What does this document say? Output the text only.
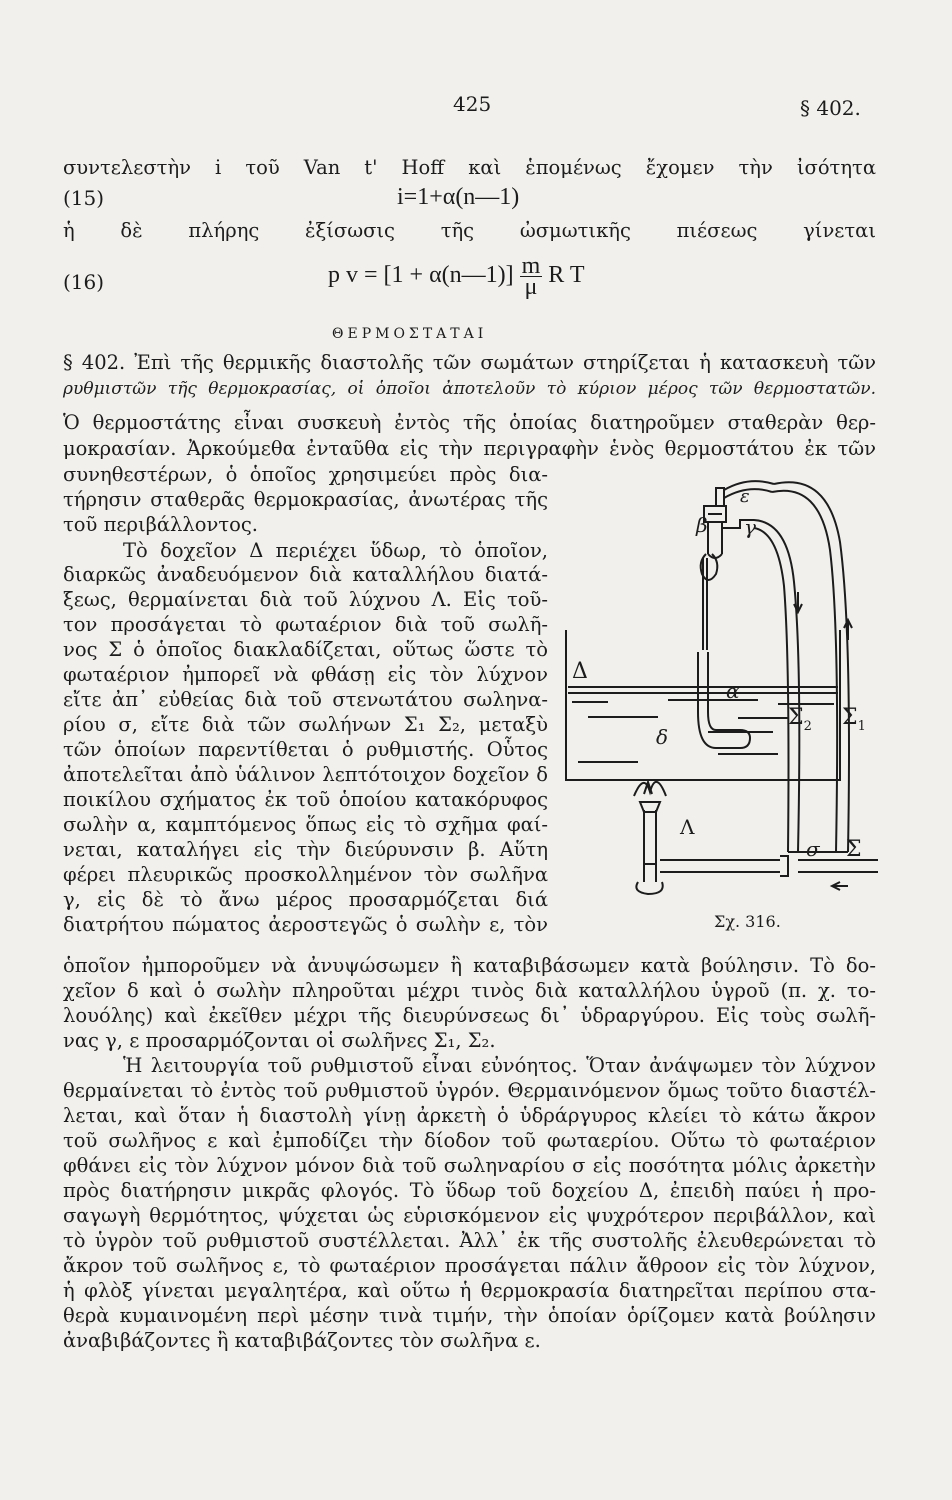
425	§ 402.
συντελεστὴν i τοῦ Van t' Hoff καὶ ἑπομένως ἔχομεν τὴν ἰσότητα
(15)	i=1+α(n—1)
ἡ δὲ πλήρης ἐξίσωσις τῆς ὠσμωτικῆς πιέσεως γίνεται
(16)	p v = [1 + α(n—1)] $\frac{m}{\mu}$ R T
ΘΕΡΜΟΣΤΑΤΑΙ
§ 402. Ἐπὶ τῆς θερμικῆς διαστολῆς τῶν σωμάτων στηρίζεται ἡ κατασκευὴ τῶν
ρυθμιστῶν τῆς θερμοκρασίας, οἱ ὁποῖοι ἀποτελοῦν τὸ κύριον μέρος τῶν θερμοστατῶν.
Ὁ θερμοστάτης εἶναι συσκευὴ ἐντὸς τῆς ὁποίας διατηροῦμεν σταθερὰν θερ-
μοκρασίαν. Ἀρκούμεθα ἐνταῦθα εἰς τὴν περιγραφὴν ἑνὸς θερμοστάτου ἐκ τῶν
συνηθεστέρων, ὁ ὁποῖος χρησιμεύει πρὸς δια-
τήρησιν σταθερᾶς θερμοκρασίας, ἀνωτέρας τῆς
τοῦ περιβάλλοντος.
Τὸ δοχεῖον Δ περιέχει ὕδωρ, τὸ ὁποῖον,
διαρκῶς ἀναδευόμενον διὰ καταλλήλου διατά-
ξεως, θερμαίνεται διὰ τοῦ λύχνου Λ. Εἰς τοῦ-
τον προσάγεται τὸ φωταέριον διὰ τοῦ σωλῆ-
νος Σ ὁ ὁποῖος διακλαδίζεται, οὕτως ὥστε τὸ
φωταέριον ἠμπορεῖ νὰ φθάσῃ εἰς τὸν λύχνον
εἴτε ἀπ᾽ εὐθείας διὰ τοῦ στενωτάτου σωληνα-
ρίου σ, εἴτε διὰ τῶν σωλήνων Σ₁ Σ₂, μεταξὺ
τῶν ὁποίων παρεντίθεται ὁ ρυθμιστής. Οὗτος
ἀποτελεῖται ἀπὸ ὑάλινον λεπτότοιχον δοχεῖον δ
ποικίλου σχήματος ἐκ τοῦ ὁποίου κατακόρυφος
σωλὴν α, καμπτόμενος ὅπως εἰς τὸ σχῆμα φαί-
νεται, καταλήγει εἰς τὴν διεύρυνσιν β. Αὕτη
φέρει πλευρικῶς προσκολλημένον τὸν σωλῆνα
γ, εἰς δὲ τὸ ἄνω μέρος προσαρμόζεται διά
διατρήτου πώματος ἀεροστεγῶς ὁ σωλὴν ε, τὸν
ε
β γ
Δ
α
δ
$\Sigma_2$ $\Sigma_1$
Λ
σ Σ
Σχ. 316.
ὁποῖον ἠμποροῦμεν νὰ ἀνυψώσωμεν ἢ καταβιβάσωμεν κατὰ βούλησιν. Τὸ δο-
χεῖον δ καὶ ὁ σωλὴν πληροῦται μέχρι τινὸς διὰ καταλλήλου ὑγροῦ (π. χ. το-
λουόλης) καὶ ἐκεῖθεν μέχρι τῆς διευρύνσεως δι᾽ ὑδραργύρου. Εἰς τοὺς σωλῆ-
νας γ, ε προσαρμόζονται οἱ σωλῆνες Σ₁, Σ₂.
Ἡ λειτουργία τοῦ ρυθμιστοῦ εἶναι εὐνόητος. Ὅταν ἀνάψωμεν τὸν λύχνον
θερμαίνεται τὸ ἐντὸς τοῦ ρυθμιστοῦ ὑγρόν. Θερμαινόμενον ὅμως τοῦτο διαστέλ-
λεται, καὶ ὅταν ἡ διαστολὴ γίνῃ ἀρκετὴ ὁ ὑδράργυρος κλείει τὸ κάτω ἄκρον
τοῦ σωλῆνος ε καὶ ἐμποδίζει τὴν δίοδον τοῦ φωταερίου. Οὕτω τὸ φωταέριον
φθάνει εἰς τὸν λύχνον μόνον διὰ τοῦ σωληναρίου σ εἰς ποσότητα μόλις ἀρκετὴν
πρὸς διατήρησιν μικρᾶς φλογός. Τὸ ὕδωρ τοῦ δοχείου Δ, ἐπειδὴ παύει ἡ προ-
σαγωγὴ θερμότητος, ψύχεται ὡς εὑρισκόμενον εἰς ψυχρότερον περιβάλλον, καὶ
τὸ ὑγρὸν τοῦ ρυθμιστοῦ συστέλλεται. Ἀλλ᾽ ἐκ τῆς συστολῆς ἐλευθερώνεται τὸ
ἄκρον τοῦ σωλῆνος ε, τὸ φωταέριον προσάγεται πάλιν ἄθροον εἰς τὸν λύχνον,
ἡ φλὸξ γίνεται μεγαλητέρα, καὶ οὕτω ἡ θερμοκρασία διατηρεῖται περίπου στα-
θερὰ κυμαινομένη περὶ μέσην τινὰ τιμήν, τὴν ὁποίαν ὁρίζομεν κατὰ βούλησιν
ἀναβιβάζοντες ἢ καταβιβάζοντες τὸν σωλῆνα ε.
